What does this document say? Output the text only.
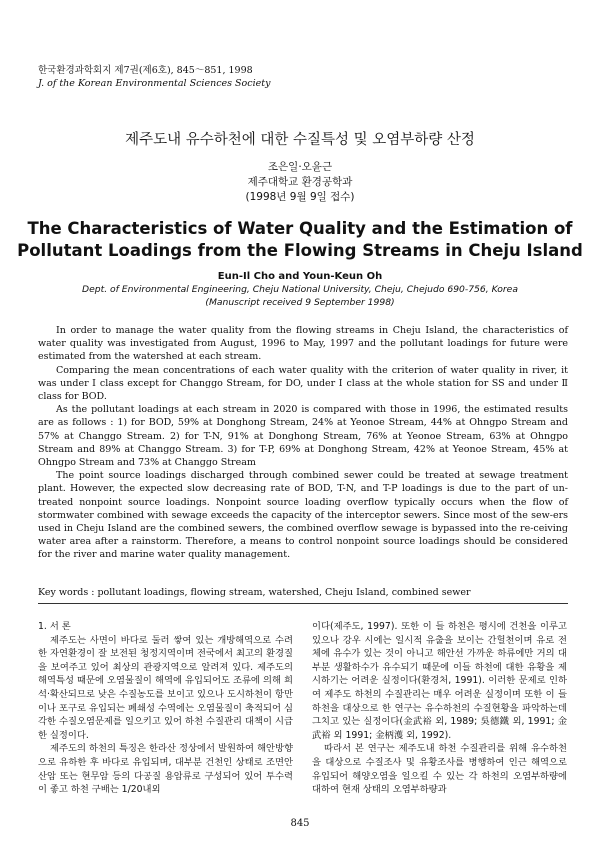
한국환경과학회지 제7권(제6호), 845～851, 1998
J. of the Korean Environmental Sciences Society
제주도내 유수하천에 대한 수질특성 및 오염부하량 산정
조은일·오윤근
제주대학교 환경공학과
(1998년 9월 9일 접수)
The Characteristics of Water Quality and the Estimation of
Pollutant Loadings from the Flowing Streams in Cheju Island
Eun-Il Cho and Youn-Keun Oh
Dept. of Environmental Engineering, Cheju National University, Cheju, Chejudo 690-756, Korea
(Manuscript received 9 September 1998)

In order to manage the water quality from the flowing streams in Cheju Island, the characteristics of water quality was investigated from August, 1996 to May, 1997 and the pollutant loadings for future were estimated from the watershed at each stream.

Comparing the mean concentrations of each water quality with the criterion of water quality in river, it was under Ⅰ class except for Changgo Stream, for DO, under Ⅰ class at the whole station for SS and under Ⅱ class for BOD.

As the pollutant loadings at each stream in 2020 is compared with those in 1996, the estimated results are as follows : 1) for BOD, 59% at Donghong Stream, 24% at Yeonoe Stream, 44% at Ohngpo Stream and 57% at Changgo Stream. 2) for T-N, 91% at Donghong Stream, 76% at Yeonoe Stream, 63% at Ohngpo Stream and 89% at Changgo Stream. 3) for T-P, 69% at Donghong Stream, 42% at Yeonoe Stream, 45% at Ohngpo Stream and 73% at Changgo Stream

The point source loadings discharged through combined sewer could be treated at sewage treatment plant. However, the expected slow decreasing rate of BOD, T-N, and T-P loadings is due to the part of un-treated nonpoint source loadings. Nonpoint source loading overflow typically occurs when the flow of stormwater combined with sewage exceeds the capacity of the interceptor sewers. Since most of the sew-ers used in Cheju Island are the combined sewers, the combined overflow sewage is bypassed into the re-ceiving water area after a rainstorm. Therefore, a means to control nonpoint source loadings should be considered for the river and marine water quality management.

Key words : pollutant loadings, flowing stream, watershed, Cheju Island, combined sewer

1. 서 론

제주도는 사면이 바다로 둘러 쌓여 있는 개방해역으로 수려한 자연환경이 잘 보전된 청정지역이며 전국에서 최고의 환경질을 보여주고 있어 최상의 관광지역으로 알려져 있다. 제주도의 해역특성 때문에 오염물질이 해역에 유입되어도 조류에 의해 희석·확산되므로 낮은 수질농도를 보이고 있으나 도시하천이 항만이나 포구로 유입되는 폐쇄성 수역에는 오염물질이 축적되어 심각한 수질오염문제를 일으키고 있어 하천 수질관리 대책이 시급한 실정이다.

제주도의 하천의 특징은 한라산 정상에서 발원하여 해안방향으로 유하한 후 바다로 유입되며, 대부분 건천인 상태로 조면안산암 또는 현무암 등의 다공질 용암류로 구성되어 있어 투수력이 좋고 하천 구배는 1/20내외

이다(제주도, 1997). 또한 이 들 하천은 평시에 건천을 이루고 있으나 강우 시에는 일시적 유출을 보이는 간헐천이며 유로 전체에 유수가 있는 것이 아니고 해안선 가까운 하류에만 거의 대부분 생활하수가 유수되기 때문에 이들 하천에 대한 유황을 제시하기는 어려운 실정이다(환경처, 1991). 이러한 문제로 인하여 제주도 하천의 수질관리는 매우 어려운 실정이며 또한 이 들 하천을 대상으로 한 연구는 유수하천의 수질현황을 파악하는데 그치고 있는 실정이다(金武裕 외, 1989; 吳德鐵 외, 1991; 金武裕 외 1991; 金柄濩 외, 1992).

따라서 본 연구는 제주도내 하천 수질관리를 위해 유수하천을 대상으로 수질조사 및 유황조사를 병행하여 인근 해역으로 유입되어 해양오염을 일으킬 수 있는 각 하천의 오염부하량에 대하여 현재 상태의 오염부하량과

845
